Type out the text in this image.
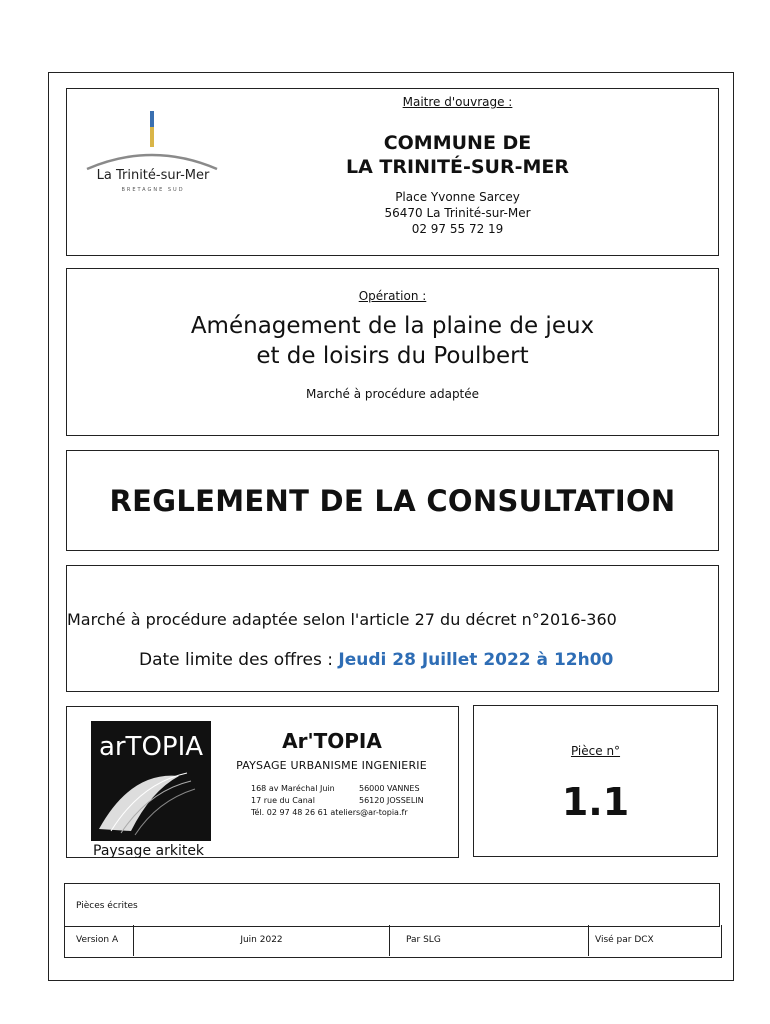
La Trinité-sur-Mer
BRETAGNE SUD
Maitre d'ouvrage :
COMMUNE DE
LA TRINITÉ-SUR-MER
Place Yvonne Sarcey
56470 La Trinité-sur-Mer
02 97 55 72 19
Opération :
Aménagement de la plaine de jeux
et de loisirs du Poulbert
Marché à procédure adaptée
REGLEMENT DE LA CONSULTATION
Marché à procédure adaptée selon l'article 27 du décret n°2016-360
Date limite des offres : Jeudi 28 Juillet 2022 à 12h00
arTOPIA
Paysage arkitek
Ar'TOPIA
PAYSAGE URBANISME INGENIERIE
168 av Maréchal Juin	56000 VANNES
17 rue du Canal	56120 JOSSELIN
Tél. 02 97 48 26 61 ateliers@ar-topia.fr
Pièce n°
1.1
Pièces écrites
Version A	Juin 2022	Par SLG	Visé par DCX
